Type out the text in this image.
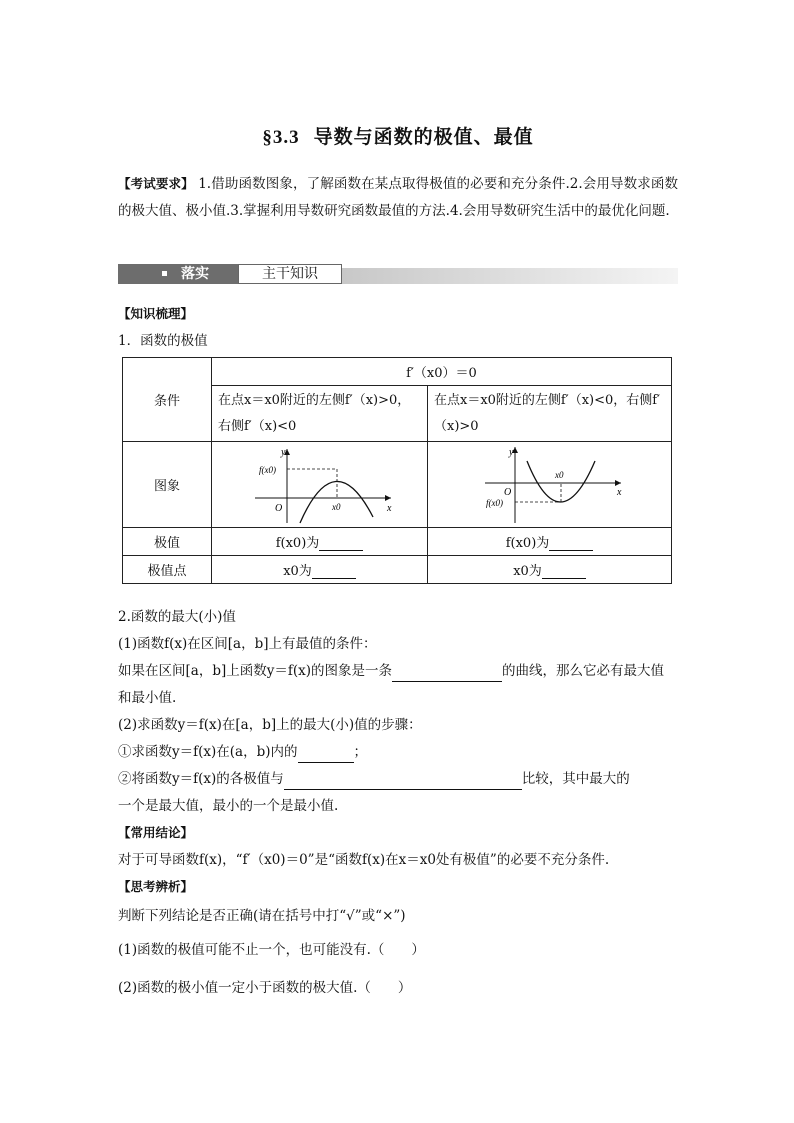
§3.3 导数与函数的极值、最值
【考试要求】 1.借助函数图象，了解函数在某点取得极值的必要和充分条件.2.会用导数求函数的极大值、极小值.3.掌握利用导数研究函数最值的方法.4.会用导数研究生活中的最优化问题.
落实	主干知识
【知识梳理】
1．函数的极值
条件	f′（x0）＝0	
	在点x＝x0附近的左侧f′（x)>0，右侧f′（x)<0	在点x＝x0附近的左侧f′（x)<0，右侧f′（x)>0
图象	y
x
O
f(x0)
x0	y
x
O
f(x0)
x0

极值	f(x0)为	f(x0)为
极值点	x0为	x0为
2.函数的最大(小)值
(1)函数f(x)在区间[a，b]上有最值的条件：
如果在区间[a，b]上函数y＝f(x)的图象是一条	的曲线，那么它必有最大值
和最小值.
(2)求函数y＝f(x)在[a，b]上的最大(小)值的步骤：
①求函数y＝f(x)在(a，b)内的	；
②将函数y＝f(x)的各极值与	比较，其中最大的
一个是最大值，最小的一个是最小值.
【常用结论】
对于可导函数f(x)，“f′（x0)＝0”是“函数f(x)在x＝x0处有极值”的必要不充分条件.
【思考辨析】
判断下列结论是否正确(请在括号中打“√”或“×”)
(1)函数的极值可能不止一个，也可能没有.（　　）
(2)函数的极小值一定小于函数的极大值.（　　）
